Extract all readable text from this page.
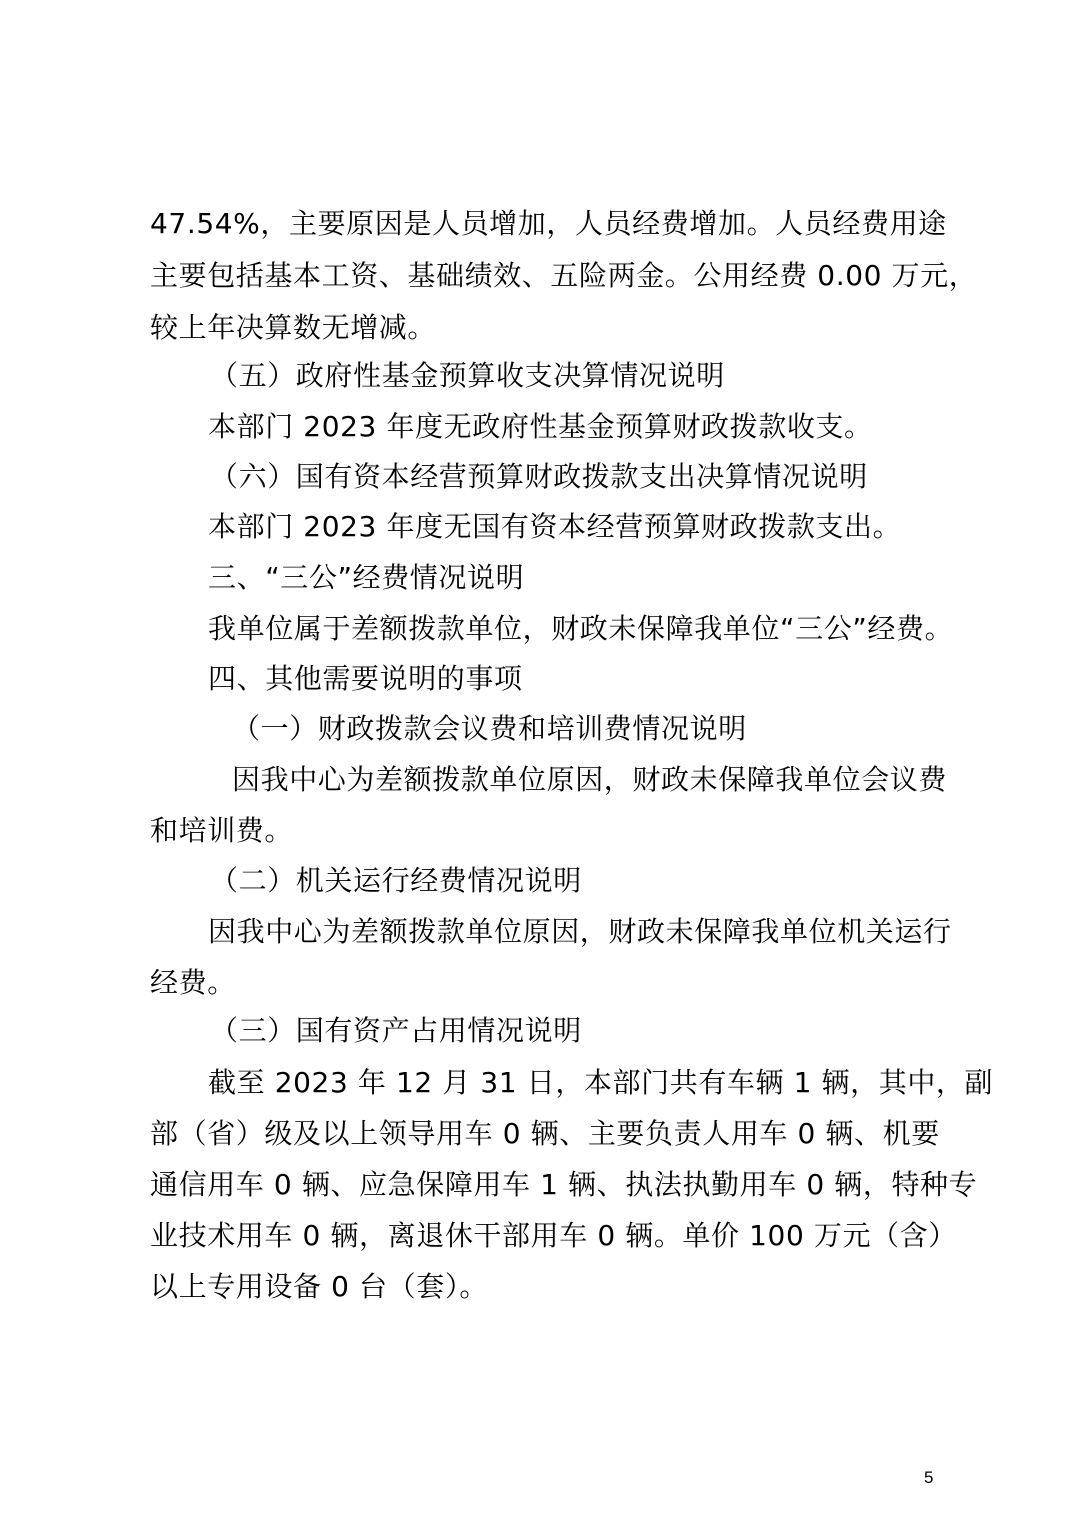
47.54%，主要原因是人员增加，人员经费增加。人员经费用途
主要包括基本工资、基础绩效、五险两金。公用经费 0.00 万元，
较上年决算数无增减。
（五）政府性基金预算收支决算情况说明
本部门 2023 年度无政府性基金预算财政拨款收支。
（六）国有资本经营预算财政拨款支出决算情况说明
本部门 2023 年度无国有资本经营预算财政拨款支出。
三、“三公”经费情况说明
我单位属于差额拨款单位，财政未保障我单位“三公”经费。
四、其他需要说明的事项
（一）财政拨款会议费和培训费情况说明
因我中心为差额拨款单位原因，财政未保障我单位会议费
和培训费。
（二）机关运行经费情况说明
因我中心为差额拨款单位原因，财政未保障我单位机关运行
经费。
（三）国有资产占用情况说明
截至 2023 年 12 月 31 日，本部门共有车辆 1 辆，其中，副
部（省）级及以上领导用车 0 辆、主要负责人用车 0 辆、机要
通信用车 0 辆、应急保障用车 1 辆、执法执勤用车 0 辆，特种专
业技术用车 0 辆，离退休干部用车 0 辆。单价 100 万元（含）
以上专用设备 0 台（套）。
5
